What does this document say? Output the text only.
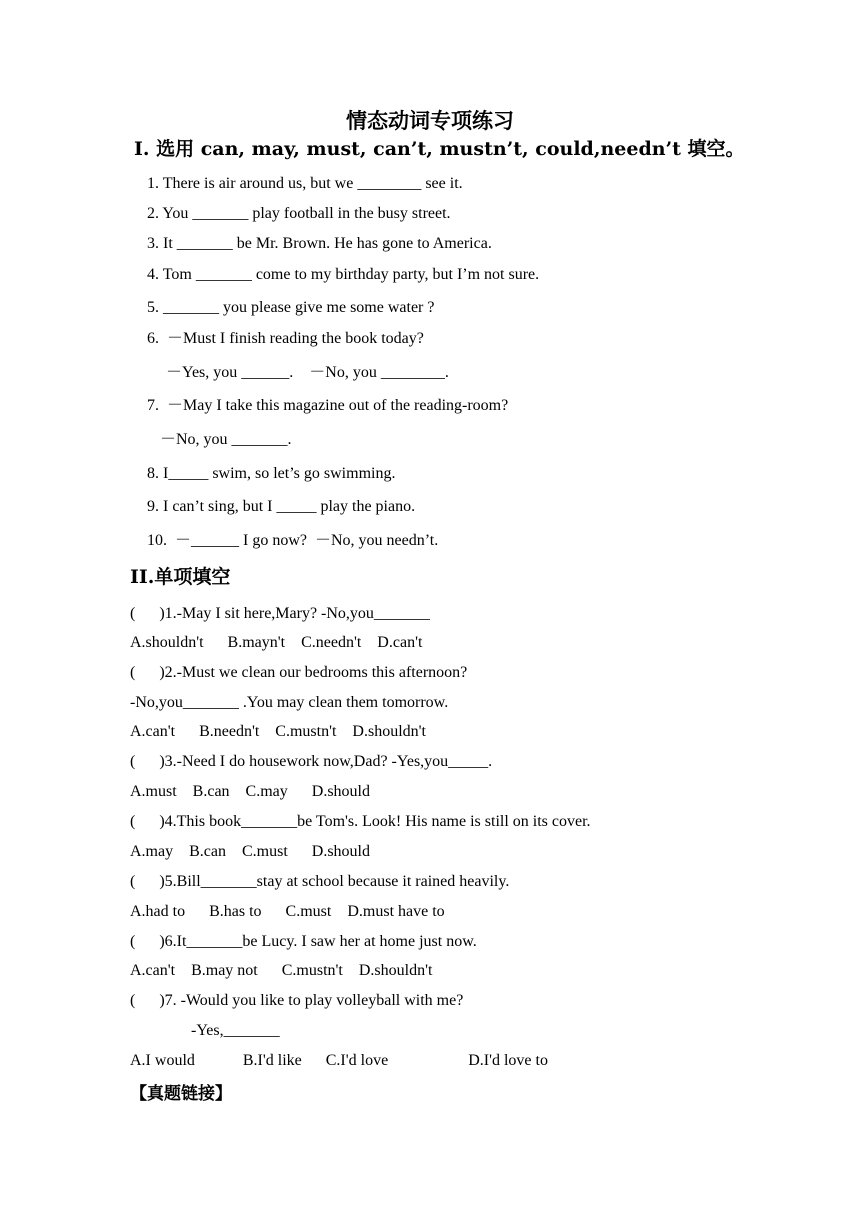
情态动词专项练习
Ⅰ. 选用 can, may, must, can’t, mustn’t, could,needn’t 填空。
1. There is air around us, but we ________ see it.
2. You _______ play football in the busy street.
3. It _______ be Mr. Brown. He has gone to America.
4. Tom _______ come to my birthday party, but I’m not sure.
5. _______ you please give me some water ?
6.  －Must I finish reading the book today?
－Yes, you ______.    －No, you ________.
7.  －May I take this magazine out of the reading-room?
－No, you _______.
8. I_____ swim, so let’s go swimming.
9. I can’t sing, but I _____ play the piano.
10.  －______ I go now?  －No, you needn’t.
II.单项填空
(      )1.-May I sit here,Mary? -No,you_______
A.shouldn't      B.mayn't    C.needn't    D.can't
(      )2.-Must we clean our bedrooms this afternoon?
-No,you_______ .You may clean them tomorrow.
A.can't      B.needn't    C.mustn't    D.shouldn't
(      )3.-Need I do housework now,Dad? -Yes,you_____.
A.must    B.can    C.may      D.should
(      )4.This book_______be Tom's. Look! His name is still on its cover.
A.may    B.can    C.must      D.should
(      )5.Bill_______stay at school because it rained heavily.
A.had to      B.has to      C.must    D.must have to
(      )6.It_______be Lucy. I saw her at home just now.
A.can't    B.may not      C.mustn't    D.shouldn't
(      )7. -Would you like to play volleyball with me?
-Yes,_______
A.I would            B.I'd like      C.I'd love                    D.I'd love to
【真题链接】
